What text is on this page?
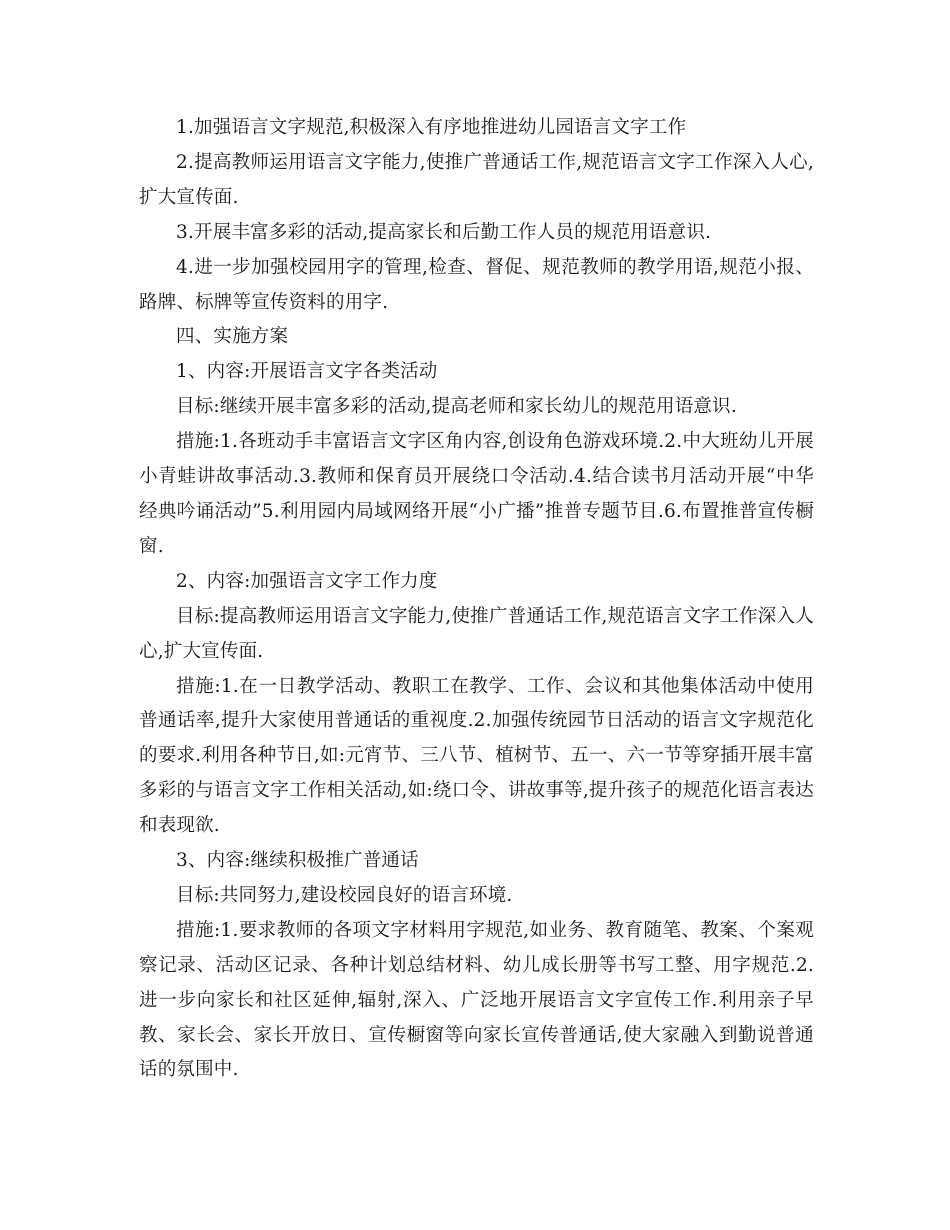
1.加强语言文字规范,积极深入有序地推进幼儿园语言文字工作

2.提高教师运用语言文字能力,使推广普通话工作,规范语言文字工作深入人心,扩大宣传面.

3.开展丰富多彩的活动,提高家长和后勤工作人员的规范用语意识.

4.进一步加强校园用字的管理,检查、督促、规范教师的教学用语,规范小报、路牌、标牌等宣传资料的用字.

四、实施方案

1、内容:开展语言文字各类活动

目标:继续开展丰富多彩的活动,提高老师和家长幼儿的规范用语意识.

措施:1.各班动手丰富语言文字区角内容,创设角色游戏环境.2.中大班幼儿开展小青蛙讲故事活动.3.教师和保育员开展绕口令活动.4.结合读书月活动开展“中华经典吟诵活动”5.利用园内局域网络开展“小广播”推普专题节目.6.布置推普宣传橱窗.

2、内容:加强语言文字工作力度

目标:提高教师运用语言文字能力,使推广普通话工作,规范语言文字工作深入人心,扩大宣传面.

措施:1.在一日教学活动、教职工在教学、工作、会议和其他集体活动中使用普通话率,提升大家使用普通话的重视度.2.加强传统园节日活动的语言文字规范化的要求.利用各种节日,如:元宵节、三八节、植树节、五一、六一节等穿插开展丰富多彩的与语言文字工作相关活动,如:绕口令、讲故事等,提升孩子的规范化语言表达和表现欲.

3、内容:继续积极推广普通话

目标:共同努力,建设校园良好的语言环境.

措施:1.要求教师的各项文字材料用字规范,如业务、教育随笔、教案、个案观察记录、活动区记录、各种计划总结材料、幼儿成长册等书写工整、用字规范.2.进一步向家长和社区延伸,辐射,深入、广泛地开展语言文字宣传工作.利用亲子早教、家长会、家长开放日、宣传橱窗等向家长宣传普通话,使大家融入到勤说普通话的氛围中.
